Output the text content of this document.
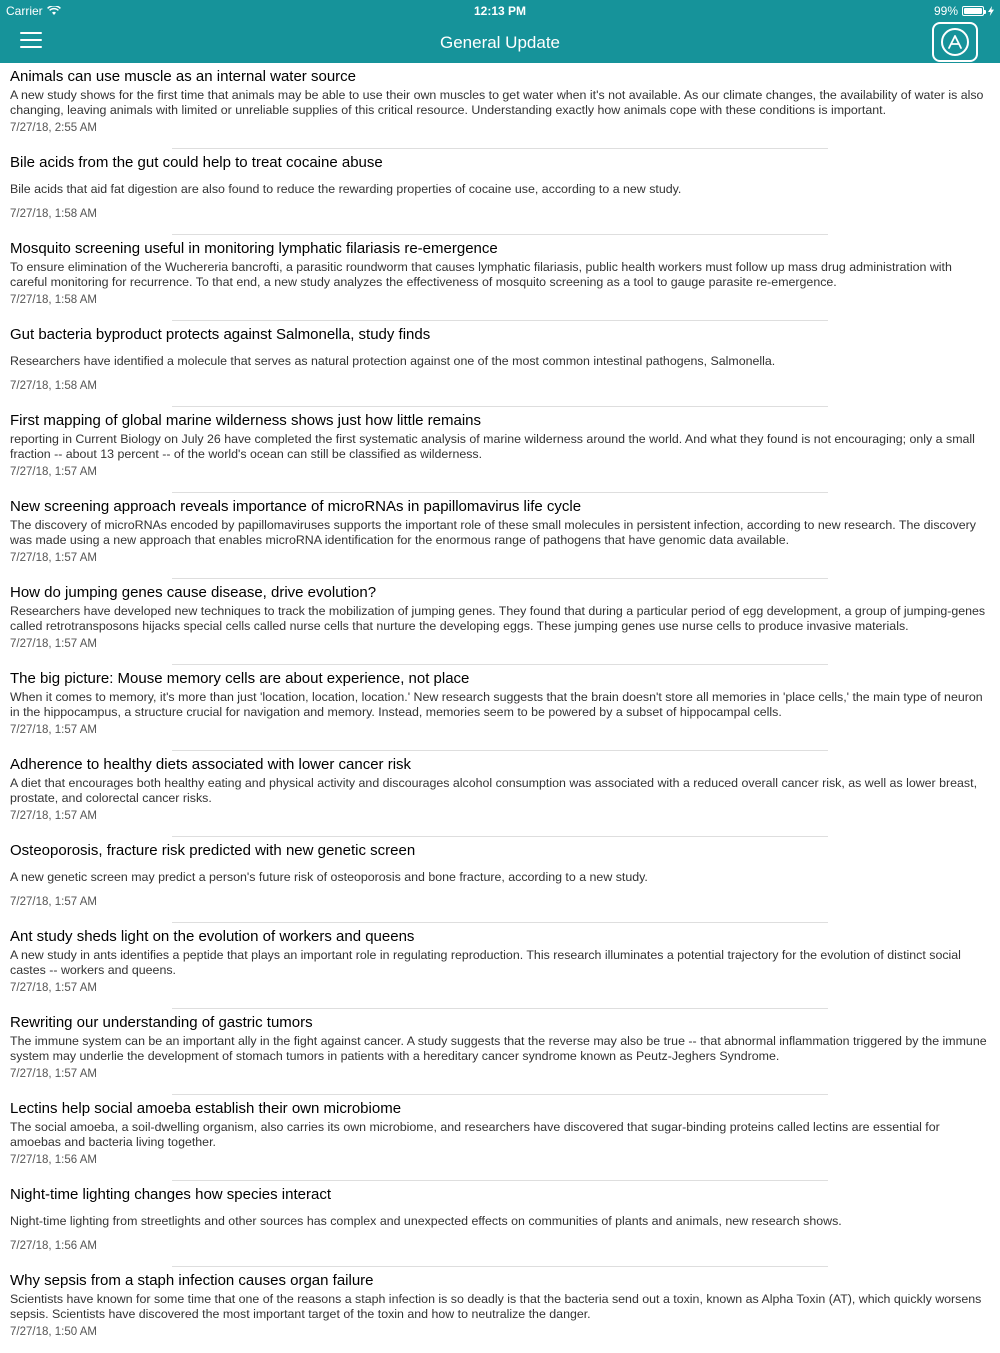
Carrier	12:13 PM	99%
General Update
Animals can use muscle as an internal water source
A new study shows for the first time that animals may be able to use their own muscles to get water when it's not available. As our climate changes, the availability of water is also changing, leaving animals with limited or unreliable supplies of this critical resource. Understanding exactly how animals cope with these conditions is important.
7/27/18, 2:55 AM
Bile acids from the gut could help to treat cocaine abuse
Bile acids that aid fat digestion are also found to reduce the rewarding properties of cocaine use, according to a new study.
7/27/18, 1:58 AM
Mosquito screening useful in monitoring lymphatic filariasis re-emergence
To ensure elimination of the Wuchereria bancrofti, a parasitic roundworm that causes lymphatic filariasis, public health workers must follow up mass drug administration with careful monitoring for recurrence. To that end, a new study analyzes the effectiveness of mosquito screening as a tool to gauge parasite re-emergence.
7/27/18, 1:58 AM
Gut bacteria byproduct protects against Salmonella, study finds
Researchers have identified a molecule that serves as natural protection against one of the most common intestinal pathogens, Salmonella.
7/27/18, 1:58 AM
First mapping of global marine wilderness shows just how little remains
reporting in Current Biology on July 26 have completed the first systematic analysis of marine wilderness around the world. And what they found is not encouraging; only a small fraction -- about 13 percent -- of the world's ocean can still be classified as wilderness.
7/27/18, 1:57 AM
New screening approach reveals importance of microRNAs in papillomavirus life cycle
The discovery of microRNAs encoded by papillomaviruses supports the important role of these small molecules in persistent infection, according to new research. The discovery was made using a new approach that enables microRNA identification for the enormous range of pathogens that have genomic data available.
7/27/18, 1:57 AM
How do jumping genes cause disease, drive evolution?
Researchers have developed new techniques to track the mobilization of jumping genes. They found that during a particular period of egg development, a group of jumping-genes called retrotransposons hijacks special cells called nurse cells that nurture the developing eggs. These jumping genes use nurse cells to produce invasive materials.
7/27/18, 1:57 AM
The big picture: Mouse memory cells are about experience, not place
When it comes to memory, it's more than just 'location, location, location.' New research suggests that the brain doesn't store all memories in 'place cells,' the main type of neuron in the hippocampus, a structure crucial for navigation and memory. Instead, memories seem to be powered by a subset of hippocampal cells.
7/27/18, 1:57 AM
Adherence to healthy diets associated with lower cancer risk
A diet that encourages both healthy eating and physical activity and discourages alcohol consumption was associated with a reduced overall cancer risk, as well as lower breast, prostate, and colorectal cancer risks.
7/27/18, 1:57 AM
Osteoporosis, fracture risk predicted with new genetic screen
A new genetic screen may predict a person's future risk of osteoporosis and bone fracture, according to a new study.
7/27/18, 1:57 AM
Ant study sheds light on the evolution of workers and queens
A new study in ants identifies a peptide that plays an important role in regulating reproduction. This research illuminates a potential trajectory for the evolution of distinct social castes -- workers and queens.
7/27/18, 1:57 AM
Rewriting our understanding of gastric tumors
The immune system can be an important ally in the fight against cancer. A study suggests that the reverse may also be true -- that abnormal inflammation triggered by the immune system may underlie the development of stomach tumors in patients with a hereditary cancer syndrome known as Peutz-Jeghers Syndrome.
7/27/18, 1:57 AM
Lectins help social amoeba establish their own microbiome
The social amoeba, a soil-dwelling organism, also carries its own microbiome, and researchers have discovered that sugar-binding proteins called lectins are essential for amoebas and bacteria living together.
7/27/18, 1:56 AM
Night-time lighting changes how species interact
Night-time lighting from streetlights and other sources has complex and unexpected effects on communities of plants and animals, new research shows.
7/27/18, 1:56 AM
Why sepsis from a staph infection causes organ failure
Scientists have known for some time that one of the reasons a staph infection is so deadly is that the bacteria send out a toxin, known as Alpha Toxin (AT), which quickly worsens sepsis. Scientists have discovered the most important target of the toxin and how to neutralize the danger.
7/27/18, 1:50 AM
